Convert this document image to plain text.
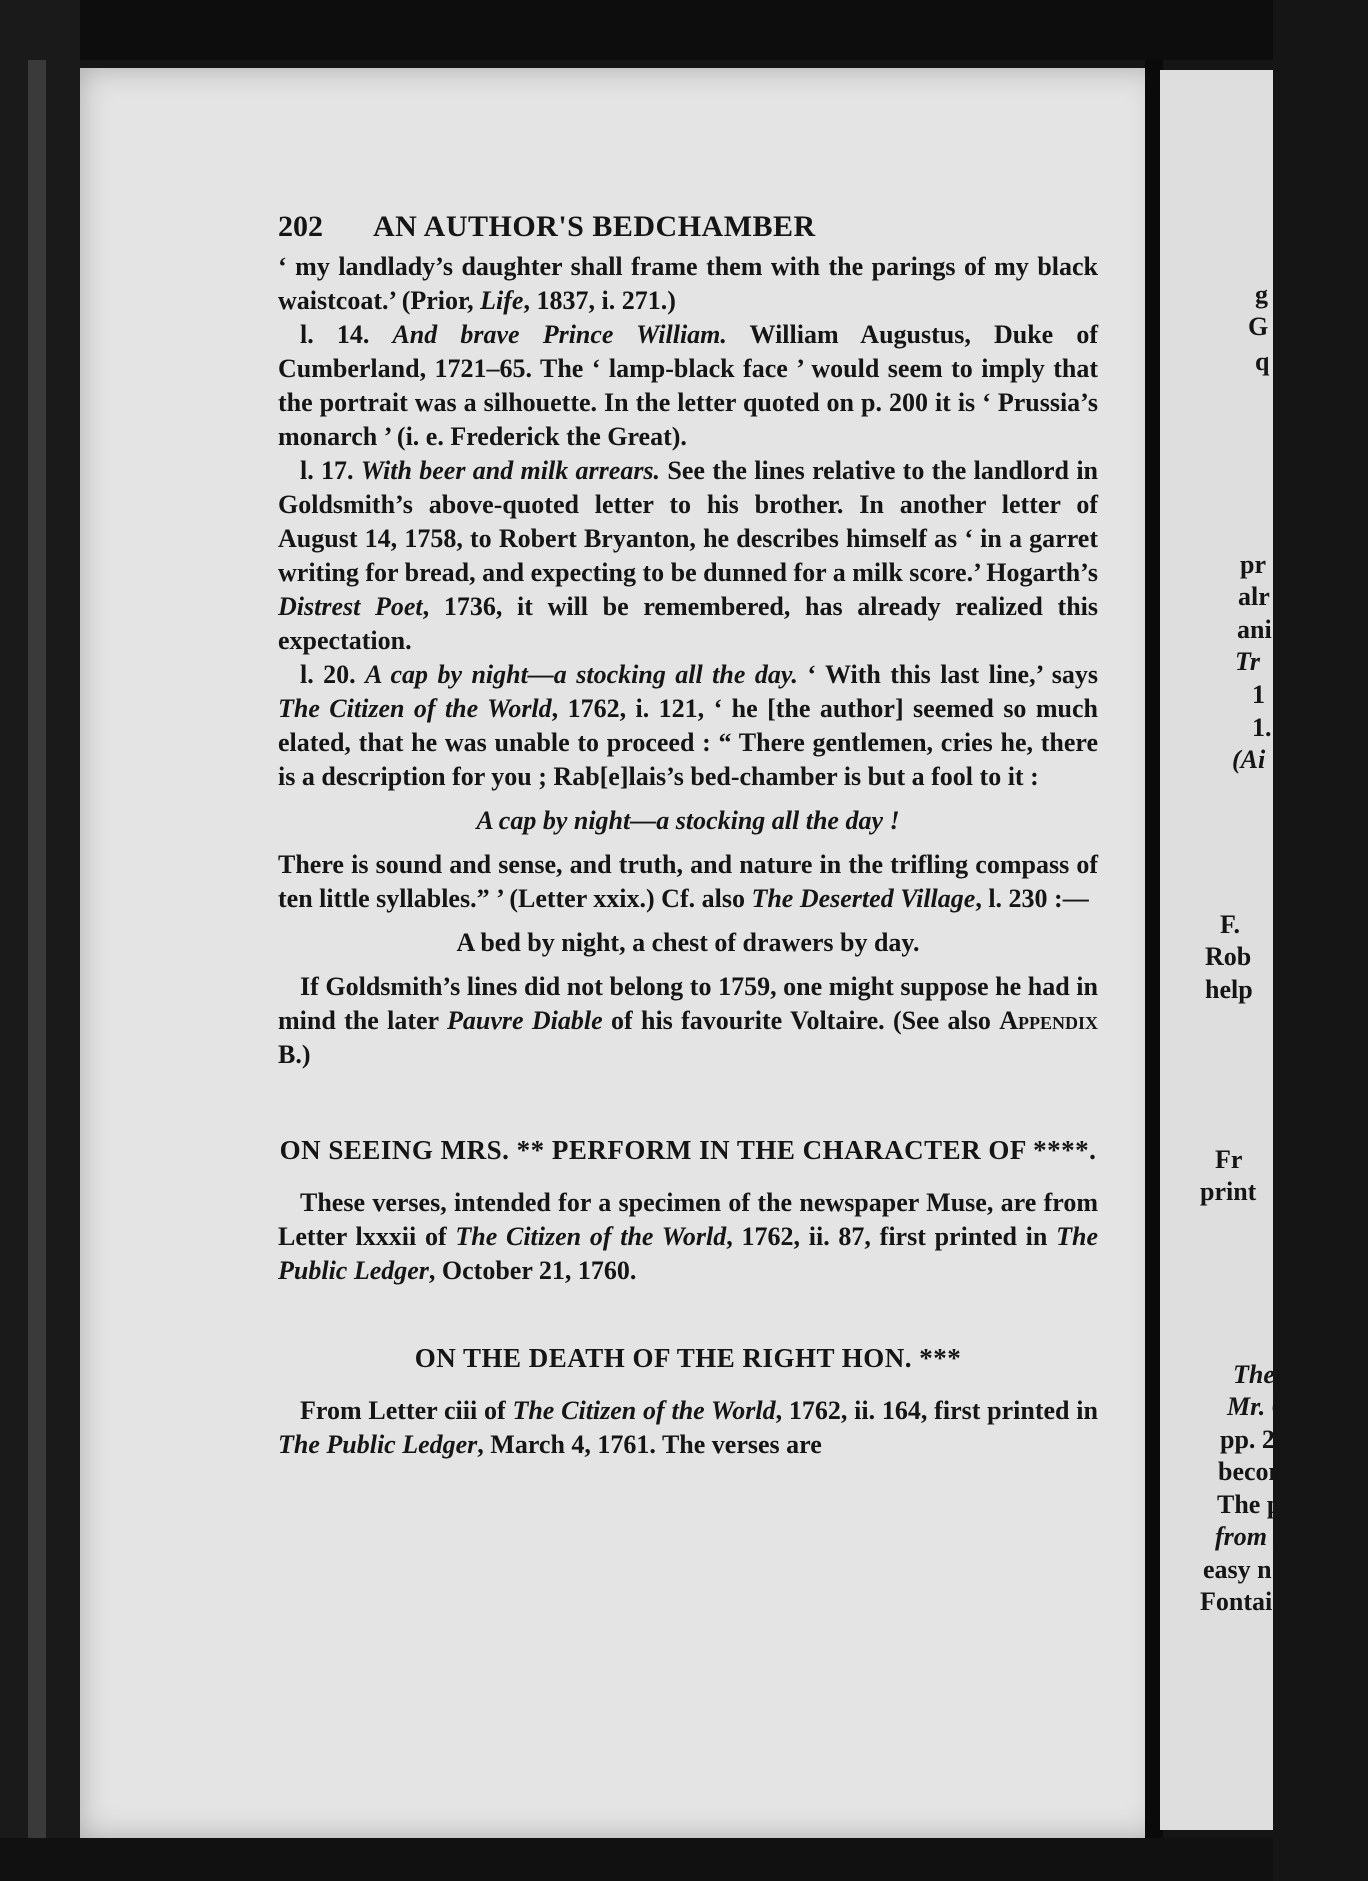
g
G
q
pr
alr
ani
Tr
1
1.
(Ai
F.
Rob
help
Fr
print
The
Mr. G
pp. 2
becom
The p
from a
easy n
Fontai
202 AN AUTHOR'S BEDCHAMBER

‘ my landlady’s daughter shall frame them with the parings of my black waistcoat.’ (Prior, Life, 1837, i. 271.)

l. 14. And brave Prince William. William Augustus, Duke of Cumberland, 1721–65. The ‘ lamp-black face ’ would seem to imply that the portrait was a silhouette. In the letter quoted on p. 200 it is ‘ Prussia’s monarch ’ (i. e. Frederick the Great).

l. 17. With beer and milk arrears. See the lines relative to the landlord in Goldsmith’s above-quoted letter to his brother. In another letter of August 14, 1758, to Robert Bryanton, he describes himself as ‘ in a garret writing for bread, and expecting to be dunned for a milk score.’ Hogarth’s Distrest Poet, 1736, it will be remembered, has already realized this expectation.

l. 20. A cap by night—a stocking all the day. ‘ With this last line,’ says The Citizen of the World, 1762, i. 121, ‘ he [the author] seemed so much elated, that he was unable to proceed : “ There gentlemen, cries he, there is a description for you ; Rab[e]lais’s bed-chamber is but a fool to it :

A cap by night—a stocking all the day !

There is sound and sense, and truth, and nature in the trifling compass of ten little syllables.” ’ (Letter xxix.) Cf. also The Deserted Village, l. 230 :—

A bed by night, a chest of drawers by day.

If Goldsmith’s lines did not belong to 1759, one might suppose he had in mind the later Pauvre Diable of his favourite Voltaire. (See also Appendix B.)

ON SEEING MRS. ** PERFORM IN THE CHARACTER OF ****.

These verses, intended for a specimen of the newspaper Muse, are from Letter lxxxii of The Citizen of the World, 1762, ii. 87, first printed in The Public Ledger, October 21, 1760.

ON THE DEATH OF THE RIGHT HON. ***

From Letter ciii of The Citizen of the World, 1762, ii. 164, first printed in The Public Ledger, March 4, 1761. The verses are
